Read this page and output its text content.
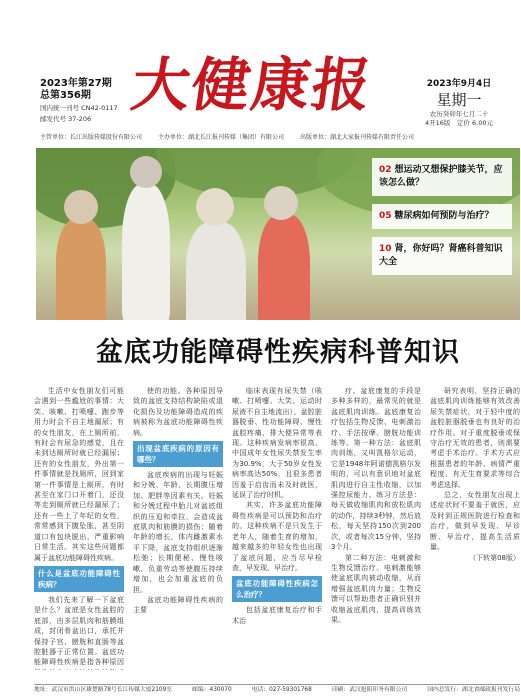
2023年第27期
总第356期
国内统一刊号 CN42-0117
邮发代号 37-206 大健康报	2023年9月4日
星期一
农历癸卯年七月二十
4开16版　定价 6.00元
主管单位：长江出版传媒股份有限公司	主办单位：湖北长江报刊传媒（集团）有限公司	出版单位：湖北大家报刊传媒有限责任公司
02 想运动又想保护膝关节，应该怎么做？
05 糖尿病如何预防与治疗？
10 肾，你好吗？肾癌科普知识大全
盆底功能障碍性疾病科普知识

生活中女性朋友们可能会遇到一些尴尬的事情：大笑、咳嗽、打喷嚏、跑步等用力时会不自主地漏尿；有的女性朋友，在上厕所前，有时会有尿急的感觉，且在未到达厕所时就已经漏尿；还有的女性朋友，外出第一件事情就是找厕所，回到家第一件事情是上厕所，有时甚至在家门口开着门，还没等走到厕所就已经漏尿了；还有一些上了年纪的女性，常常感到下腹坠胀，甚至阴道口有包块脱出，严重影响日常生活。其实这些问题都属于盆底功能障碍性疾病。

什么是盆底功能障碍性疾病？

我们先来了解一下盆底是什么？盆底是女性盆腔的底部，由多层肌肉和筋膜组成，封闭骨盆出口，承托并保持子宫、膀胱和直肠等盆腔脏器于正常位置。盆底功能障碍性疾病是指各种原因

使的功能。各种原因导致的盆底支持结构缺陷或退化损伤及功能障碍造成的疾病被称为盆底功能障碍性疾病。

出现盆底疾病的原因有哪些？

盆底疾病的出现与妊娠和分娩、年龄、长期腹压增加、肥胖等因素有关。妊娠和分娩过程中胎儿对盆底组织的压迫和牵拉，会造成盆底肌肉和筋膜的损伤；随着年龄的增长，体内雌激素水平下降，盆底支持组织逐渐松弛；长期便秘、慢性咳嗽、负重劳动等使腹压持续增加，也会加重盆底的负担。

盆底功能障碍性疾病的主要

临床表现有尿失禁（咳嗽、打喷嚏、大笑、运动时尿液不自主地流出）、盆腔脏器脱垂、性功能障碍、慢性盆腔疼痛、排大便异常等表现。这种疾病发病率很高，中国成年女性尿失禁发生率为30.9%，大于50岁女性发病率高达50%，且很多患者因羞于启齿而未及时就医，延误了治疗时机。

其实，许多盆底功能障碍性疾病是可以预防和治疗的。这种疾病不是只发生于老年人，随着生育的增加，越来越多的年轻女性也出现了盆底问题，应当尽早检查，早发现、早治疗。

盆底功能障碍性疾病怎么治疗？

包括盆底康复治疗和手术治

疗。盆底康复的手段是多种多样的，最常见的就是盆底肌肉训练。盆底康复治疗包括生物反馈、电刺激治疗、手法按摩、膀胱功能训练等。第一种方法：盆底肌肉训练，又叫凯格尔运动，它是1948年阿诺德凯格尔发明的，可以有意识地对盆底肌肉进行自主性收缩，以加强控尿能力。练习方法是：每天做收缩肌肉和放松肌肉的动作，持续3秒钟，然后放松，每天坚持150次到200次，或者每次15分钟，坚持3个月。

第二种方法：电刺激和生物反馈治疗。电刺激能够使盆底肌肉被动收缩，从而增强盆底肌肉力量；生物反馈可以帮助患者正确识别并收缩盆底肌肉，提高训练效果。

研究表明，坚持正确的盆底肌肉训练能够有效改善尿失禁症状，对于轻中度的盆腔脏器脱垂也有良好的治疗作用。对于重度脱垂或保守治疗无效的患者，则需要考虑手术治疗。手术方式应根据患者的年龄、病情严重程度、有无生育要求等综合考虑选择。

总之，女性朋友出现上述症状时不要羞于就医，应及时到正规医院进行检查和治疗，做到早发现、早诊断、早治疗，提高生活质量。

（下转第08版）
地址：武汉市洪山区雄楚路78号长江传媒大厦2109室	邮编：430070	电话：027-59301768	印刷：武汉旭阳印务有限公司	国内总发行：湖北省邮政报刊发行局
